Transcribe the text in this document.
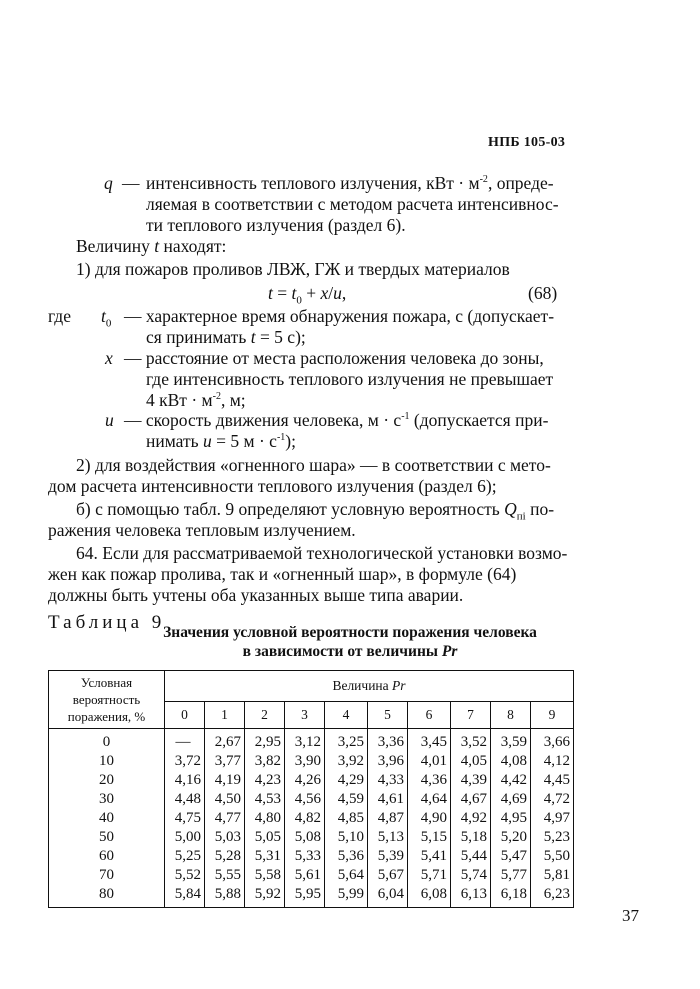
НПБ 105-03
q — интенсивность теплового излучения, кВт · $м^{-2}$, опреде-
ляемая в соответствии с методом расчета интенсивнос-
ти теплового излучения (раздел 6).
Величину t находят:
1) для пожаров проливов ЛВЖ, ГЖ и твердых материалов
$t = t_0 + x/u$,	(68)
где $t_0$ — характерное время обнаружения пожара, с (допускает-
ся принимать t = 5 с);
x — расстояние от места расположения человека до зоны,
где интенсивность теплового излучения не превышает
4 кВт · $м^{-2}$, м;
u — скорость движения человека, $м \cdot с^{-1}$ (допускается при-
нимать u = 5 $м \cdot с^{-1}$);
2) для воздействия «огненного шара» — в соответствии с мето-
дом расчета интенсивности теплового излучения (раздел 6);
б) с помощью табл. 9 определяют условную вероятность $Q_{пi}$ по-
ражения человека тепловым излучением.
64. Если для рассматриваемой технологической установки возмо-
жен как пожар пролива, так и «огненный шар», в формуле (64)
должны быть учтены оба указанных выше типа аварии.
Таблица 9
Значения условной вероятности поражения человека
в зависимости от величины Pr
Условная
вероятность
поражения, %	Величина Pr									
	0	1	2	3	4	5	6	7	8	9
0	—	2,67	2,95	3,12	3,25	3,36	3,45	3,52	3,59	3,66
10	3,72	3,77	3,82	3,90	3,92	3,96	4,01	4,05	4,08	4,12
20	4,16	4,19	4,23	4,26	4,29	4,33	4,36	4,39	4,42	4,45
30	4,48	4,50	4,53	4,56	4,59	4,61	4,64	4,67	4,69	4,72
40	4,75	4,77	4,80	4,82	4,85	4,87	4,90	4,92	4,95	4,97
50	5,00	5,03	5,05	5,08	5,10	5,13	5,15	5,18	5,20	5,23
60	5,25	5,28	5,31	5,33	5,36	5,39	5,41	5,44	5,47	5,50
70	5,52	5,55	5,58	5,61	5,64	5,67	5,71	5,74	5,77	5,81
80	5,84	5,88	5,92	5,95	5,99	6,04	6,08	6,13	6,18	6,23
37
